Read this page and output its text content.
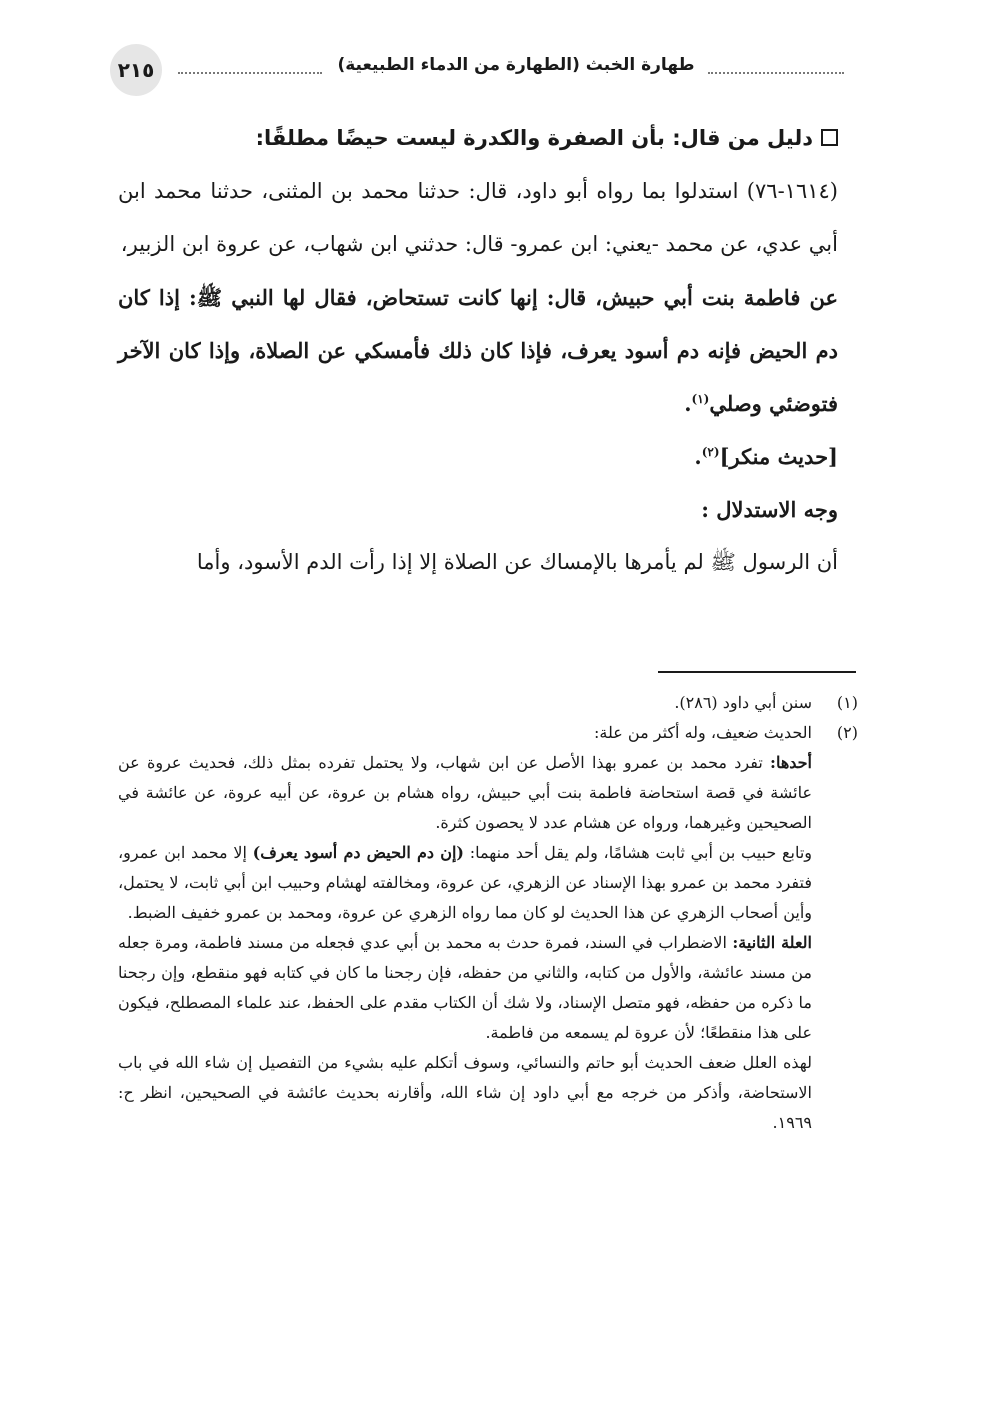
٢١٥	طهارة الخبث (الطهارة من الدماء الطبيعية)

دليل من قال: بأن الصفرة والكدرة ليست حيضًا مطلقًا:

(١٦١٤-٧٦) استدلوا بما رواه أبو داود، قال: حدثنا محمد بن المثنى، حدثنا محمد ابن أبي عدي، عن محمد -يعني: ابن عمرو- قال: حدثني ابن شهاب، عن عروة ابن الزبير،

عن فاطمة بنت أبي حبيش، قال: إنها كانت تستحاض، فقال لها النبي ﷺ: إذا كان دم الحيض فإنه دم أسود يعرف، فإذا كان ذلك فأمسكي عن الصلاة، وإذا كان الآخر فتوضئي وصلي$^{(١)}$.

[حديث منكر]$^{(٢)}$.

وجه الاستدلال :

أن الرسول ﷺ لم يأمرها بالإمساك عن الصلاة إلا إذا رأت الدم الأسود، وأما

(١)
سنن أبي داود (٢٨٦).
(٢)
الحديث ضعيف، وله أكثر من علة:

أحدها: تفرد محمد بن عمرو بهذا الأصل عن ابن شهاب، ولا يحتمل تفرده بمثل ذلك، فحديث عروة عن عائشة في قصة استحاضة فاطمة بنت أبي حبيش، رواه هشام بن عروة، عن أبيه عروة، عن عائشة في الصحيحين وغيرهما، ورواه عن هشام عدد لا يحصون كثرة.

وتابع حبيب بن أبي ثابت هشامًا، ولم يقل أحد منهما: (إن دم الحيض دم أسود يعرف) إلا محمد ابن عمرو، فتفرد محمد بن عمرو بهذا الإسناد عن الزهري، عن عروة، ومخالفته لهشام وحبيب ابن أبي ثابت، لا يحتمل، وأين أصحاب الزهري عن هذا الحديث لو كان مما رواه الزهري عن عروة، ومحمد بن عمرو خفيف الضبط.

العلة الثانية: الاضطراب في السند، فمرة حدث به محمد بن أبي عدي فجعله من مسند فاطمة، ومرة جعله من مسند عائشة، والأول من كتابه، والثاني من حفظه، فإن رجحنا ما كان في كتابه فهو منقطع، وإن رجحنا ما ذكره من حفظه، فهو متصل الإسناد، ولا شك أن الكتاب مقدم على الحفظ، عند علماء المصطلح، فيكون على هذا منقطعًا؛ لأن عروة لم يسمعه من فاطمة.

لهذه العلل ضعف الحديث أبو حاتم والنسائي، وسوف أتكلم عليه بشيء من التفصيل إن شاء الله في باب الاستحاضة، وأذكر من خرجه مع أبي داود إن شاء الله، وأقارنه بحديث عائشة في الصحيحين، انظر ح: ١٩٦٩.
